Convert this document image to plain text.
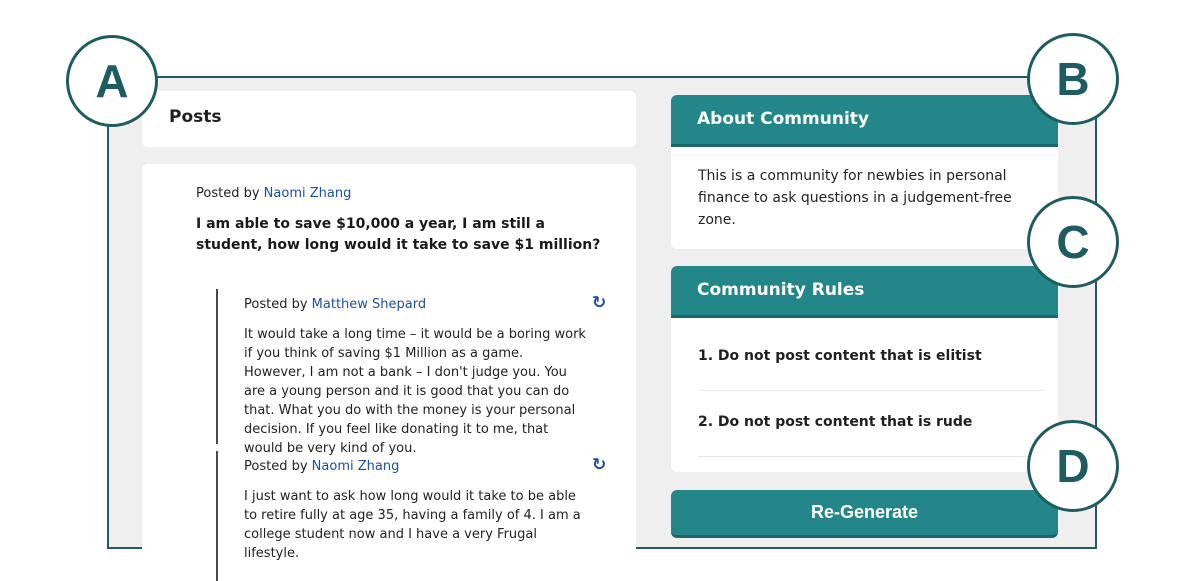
Posts
Posted by Naomi Zhang
I am able to save $10,000 a year, I am still a student, how long would it take to save $1 million?
Posted by Matthew Shepard	↻
It would take a long time – it would be a boring work if you think of saving $1 Million as a game. However, I am not a bank – I don't judge you. You are a young person and it is good that you can do that. What you do with the money is your personal decision. If you feel like donating it to me, that would be very kind of you.
Posted by Naomi Zhang	↻
I just want to ask how long would it take to be able to retire fully at age 35, having a family of 4. I am a college student now and I have a very Frugal lifestyle.
About Community
This is a community for newbies in personal finance to ask questions in a judgement-free zone.
Community Rules
1. Do not post content that is elitist
2. Do not post content that is rude
Re-Generate
A	B
C
D
